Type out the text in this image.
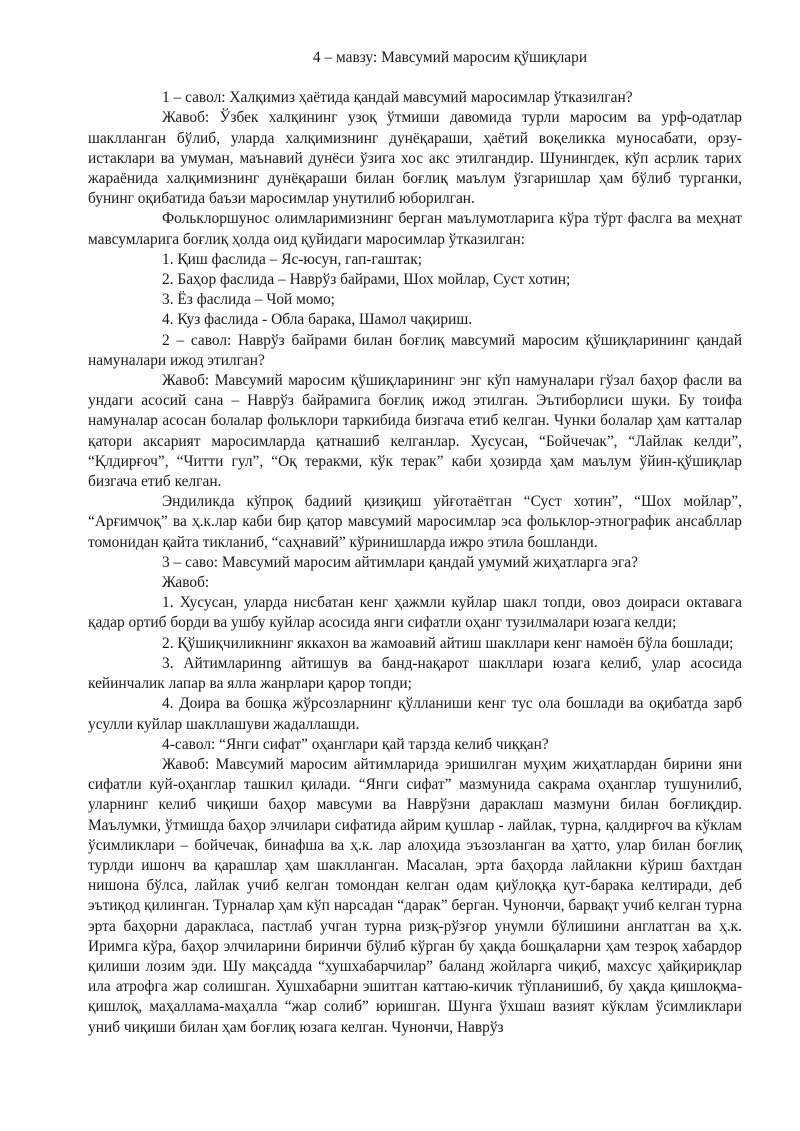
4 – мавзу: Мавсумий маросим қўшиқлари

1 – савол: Халқимиз ҳаётида қандай мавсумий маросимлар ўтказилган?

Жавоб: Ўзбек халқининг узоқ ўтмиши давомида турли маросим ва урф-одатлар шаклланган бўлиб, уларда халқимизнинг дунёқараши, ҳаётий воқеликка муносабати, орзу-истаклари ва умуман, маънавий дунёси ўзига хос акс этилгандир. Шунингдек, кўп асрлик тарих жараёнида халқимизнинг дунёқараши билан боғлиқ маълум ўзгаришлар ҳам бўлиб турганки, бунинг оқибатида баъзи маросимлар унутилиб юборилган.

Фольклоршунос олимларимизнинг берган маълумотларига кўра тўрт фаслга ва меҳнат мавсумларига боғлиқ ҳолда оид қуйидаги маросимлар ўтказилган:

1. Қиш фаслида – Яс-юсун, гап-гаштак;

2. Баҳор фаслида – Наврўз байрами, Шох мойлар, Суст хотин;

3. Ёз фаслида – Чой момо;

4. Куз фаслида - Обла барака, Шамол чақириш.

2 – савол: Наврўз байрами билан боғлиқ мавсумий маросим қўшиқларининг қандай намуналари ижод этилган?

Жавоб: Мавсумий маросим қўшиқларининг энг кўп намуналари гўзал баҳор фасли ва ундаги асосий сана – Наврўз байрамига боғлиқ ижод этилган. Эътиборлиси шуки. Бу тоифа намуналар асосан болалар фольклори таркибида бизгача етиб келган. Чунки болалар ҳам катталар қатори аксарият маросимларда қатнашиб келганлар. Хусусан, “Бойчечак”, “Лайлак келди”, “Қлдирғоч”, “Читти гул”, “Оқ теракми, кўк терак” каби ҳозирда ҳам маълум ўйин-қўшиқлар бизгача етиб келган.

Эндиликда кўпроқ бадиий қизиқиш уйғотаётган “Суст хотин”, “Шох мойлар”, “Арғимчоқ” ва ҳ.к.лар каби бир қатор мавсумий маросимлар эса фольклор-этнографик ансабллар томонидан қайта тикланиб, “саҳнавий” кўринишларда ижро этила бошланди.

3 – саво: Мавсумий маросим айтимлари қандай умумий жиҳатларга эга?

Жавоб:

1. Хусусан, уларда нисбатан кенг ҳажмли куйлар шакл топди, овоз доираси октавага қадар ортиб борди ва ушбу куйлар асосида янги сифатли оҳанг тузилмалари юзага келди;

2. Қўшиқчиликнинг яккахон ва жамоавий айтиш шакллари кенг намоён бўла бошлади;

3. Айтимларинng айтишув ва банд-нақарот шакллари юзага келиб, улар асосида кейинчалик лапар ва ялла жанрлари қарор топди;

4. Доира ва бошқа жўрсозларнинг қўлланиши кенг тус ола бошлади ва оқибатда зарб усулли куйлар шакллашуви жадаллашди.

4-савол: “Янги сифат” оҳанглари қай тарзда келиб чиққан?

Жавоб: Мавсумий маросим айтимларида эришилган муҳим жиҳатлардан бирини яни сифатли куй-оҳанглар ташкил қилади. “Янги сифат” мазмунида сакрама оҳанглар тушунилиб, уларнинг келиб чиқиши баҳор мавсуми ва Наврўзни дараклаш мазмуни билан боғлиқдир. Маълумки, ўтмишда баҳор элчилари сифатида айрим қушлар - лайлак, турна, қалдирғоч ва кўклам ўсимликлари – бойчечак, бинафша ва ҳ.к. лар алоҳида эъзозланган ва ҳатто, улар билан боғлиқ турлди ишонч ва қарашлар ҳам шаклланган. Масалан, эрта баҳорда лайлакни кўриш бахтдан нишона бўлса, лайлак учиб келган томондан келган одам қиўлоққа қут-барака келтиради, деб эътиқод қилинган. Турналар ҳам кўп нарсадан “дарак” берган. Чунончи, барвақт учиб келган турна эрта баҳорни дараклаcа, пастлаб учган турна ризқ-рўзғор унумли бўлишини англатган ва ҳ.к. Иримга кўра, баҳор элчиларини биринчи бўлиб кўрган бу ҳақда бошқаларни ҳам тезроқ хабардор қилиши лозим эди. Шу мақсадда “хушхабарчилар” баланд жойларга чиқиб, махсус ҳайқириқлар ила атрофга жар солишган. Хушхабарни эшитган каттаю-кичик тўпланишиб, бу ҳақда қишлоқма-қишлоқ, маҳаллама-маҳалла “жар солиб” юришган. Шунга ўхшаш вазият кўклам ўсимликлари униб чиқиши билан ҳам боғлиқ юзага келган. Чунончи, Наврўз
